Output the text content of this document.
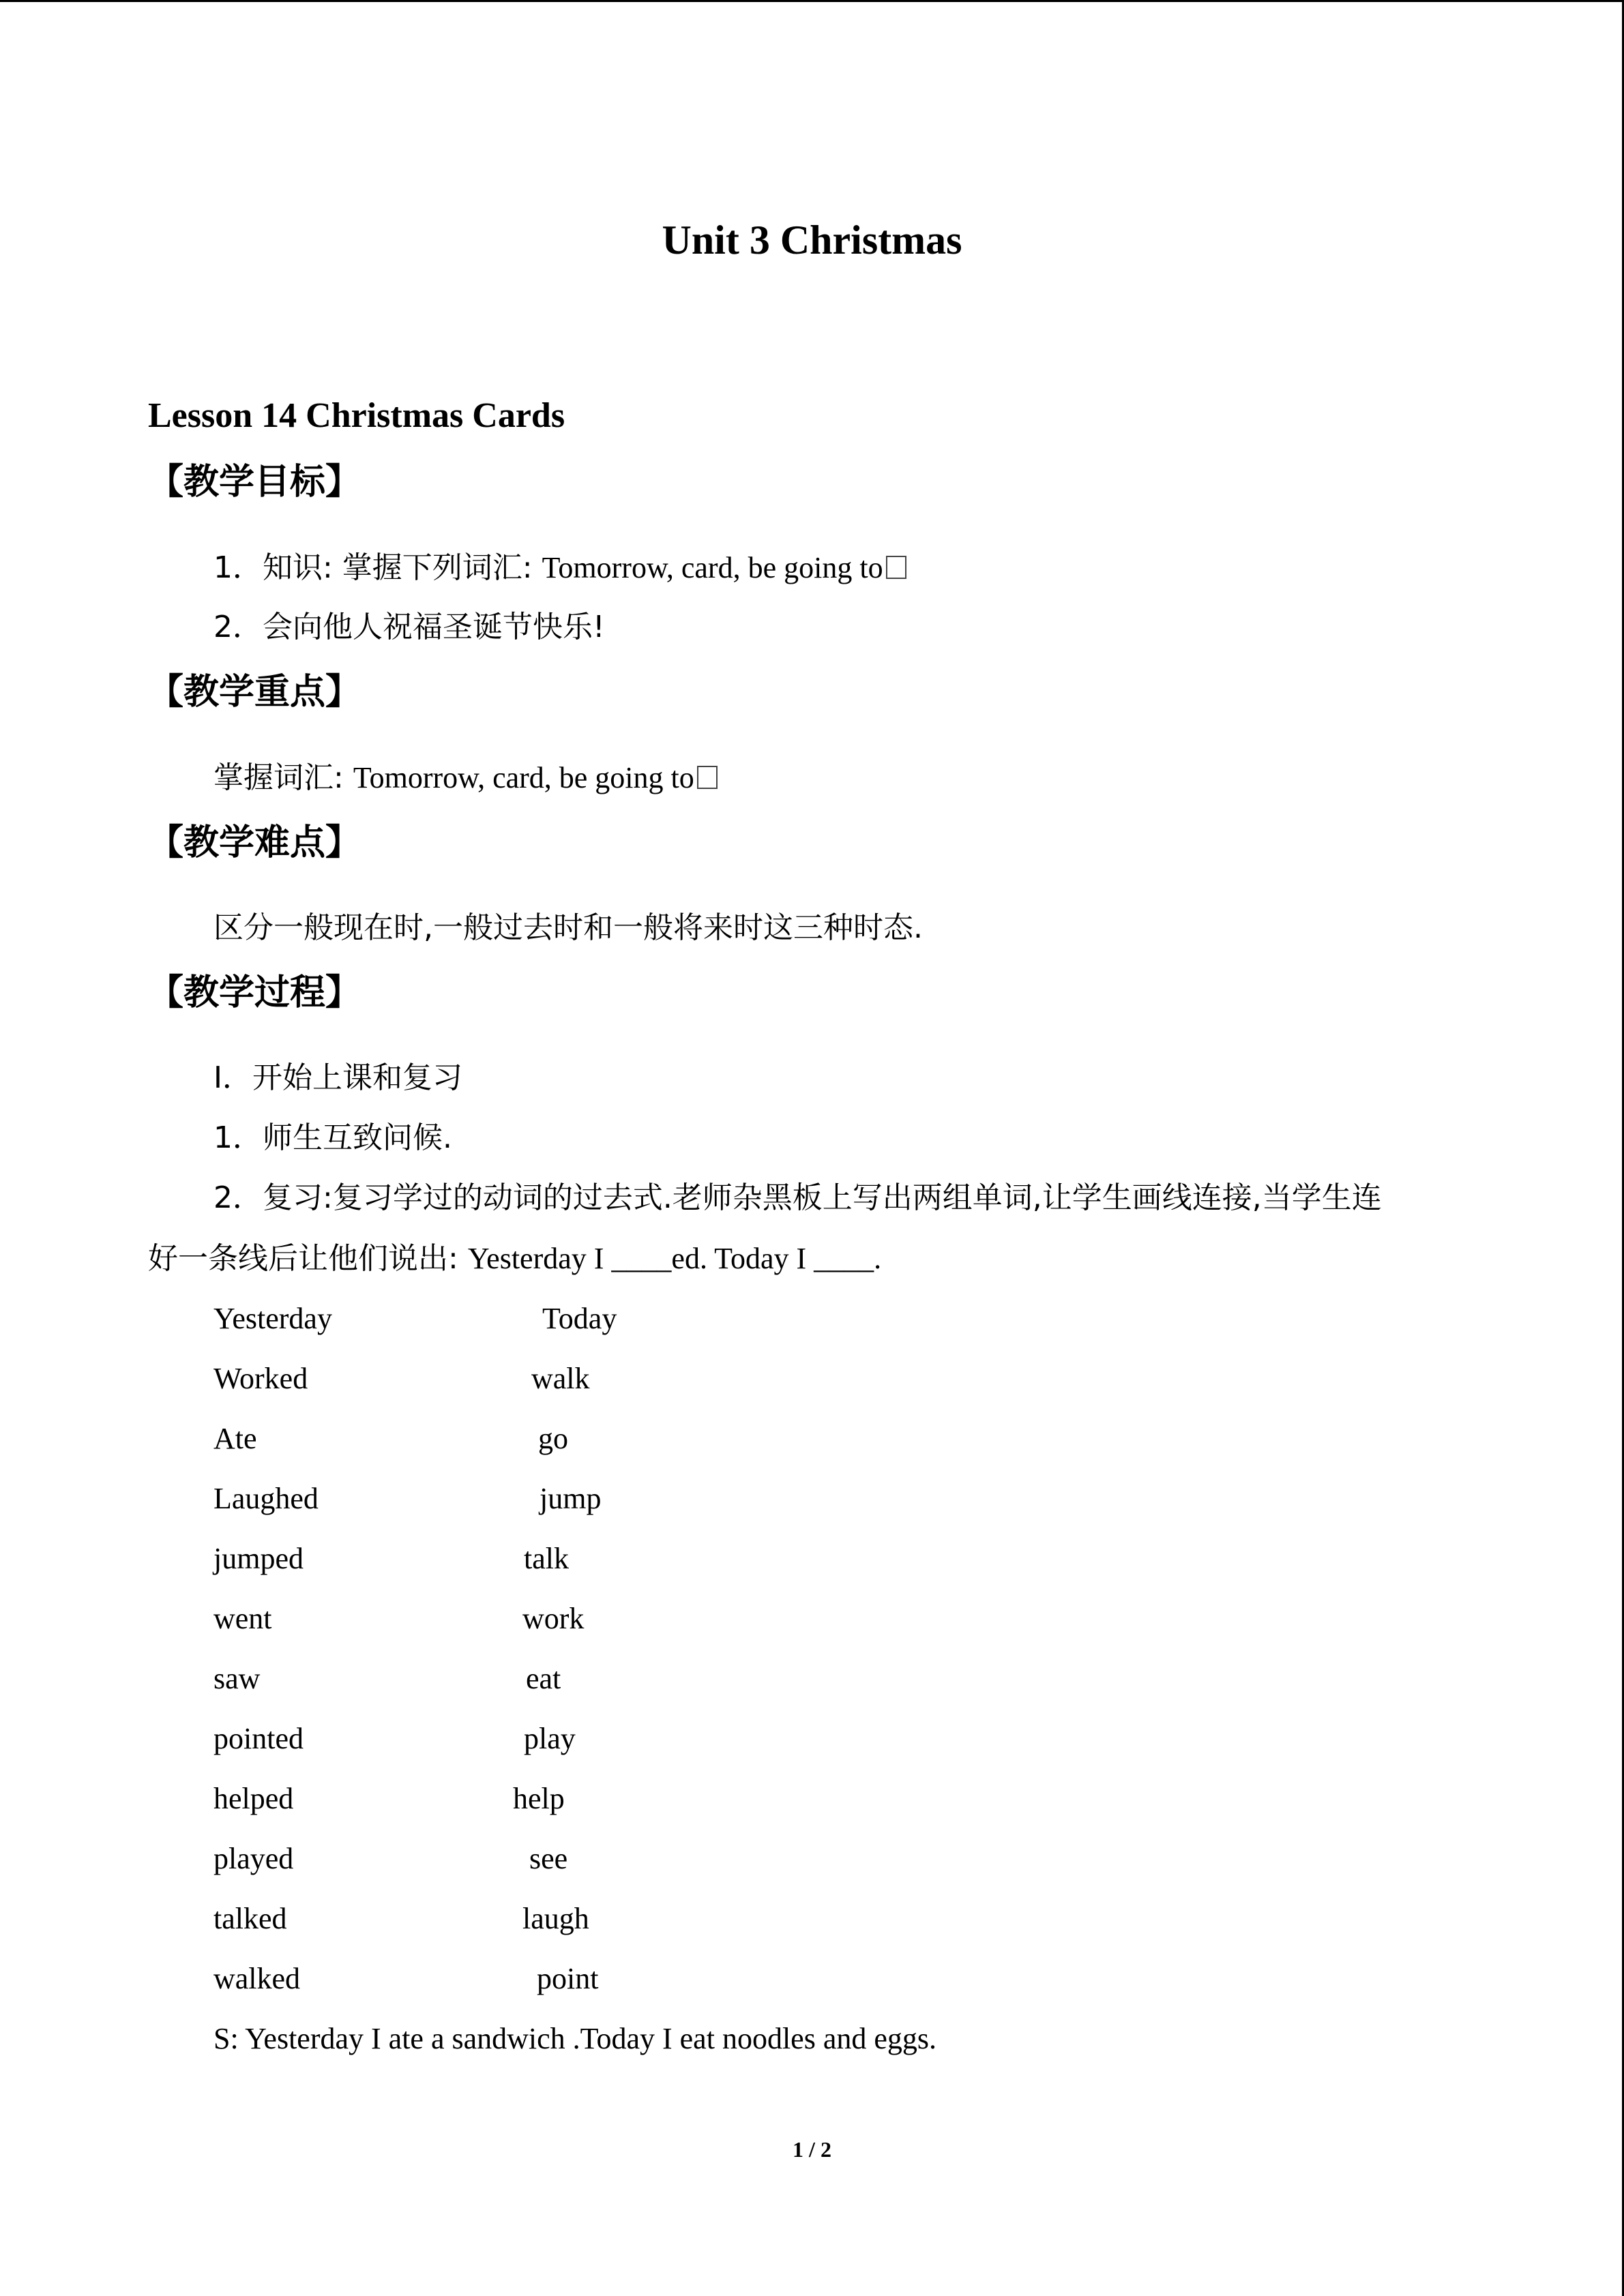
Unit 3 Christmas
Lesson 14 Christmas Cards
【教学目标】
1．知识: 掌握下列词汇: Tomorrow, card, be going to
2．会向他人祝福圣诞节快乐!
【教学重点】
掌握词汇: Tomorrow, card, be going to
【教学难点】
区分一般现在时,一般过去时和一般将来时这三种时态.
【教学过程】
Ⅰ．开始上课和复习
1．师生互致问候.
2．复习:复习学过的动词的过去式.老师杂黑板上写出两组单词,让学生画线连接,当学生连
好一条线后让他们说出: Yesterday I ____ed. Today I ____.
Yesterday	Today
Worked	walk
Ate	go
Laughed	jump
jumped	talk
went	work
saw	eat
pointed	play
helped	help
played	see
talked	laugh
walked	point
S: Yesterday I ate a sandwich .Today I eat noodles and eggs.
1 / 2
